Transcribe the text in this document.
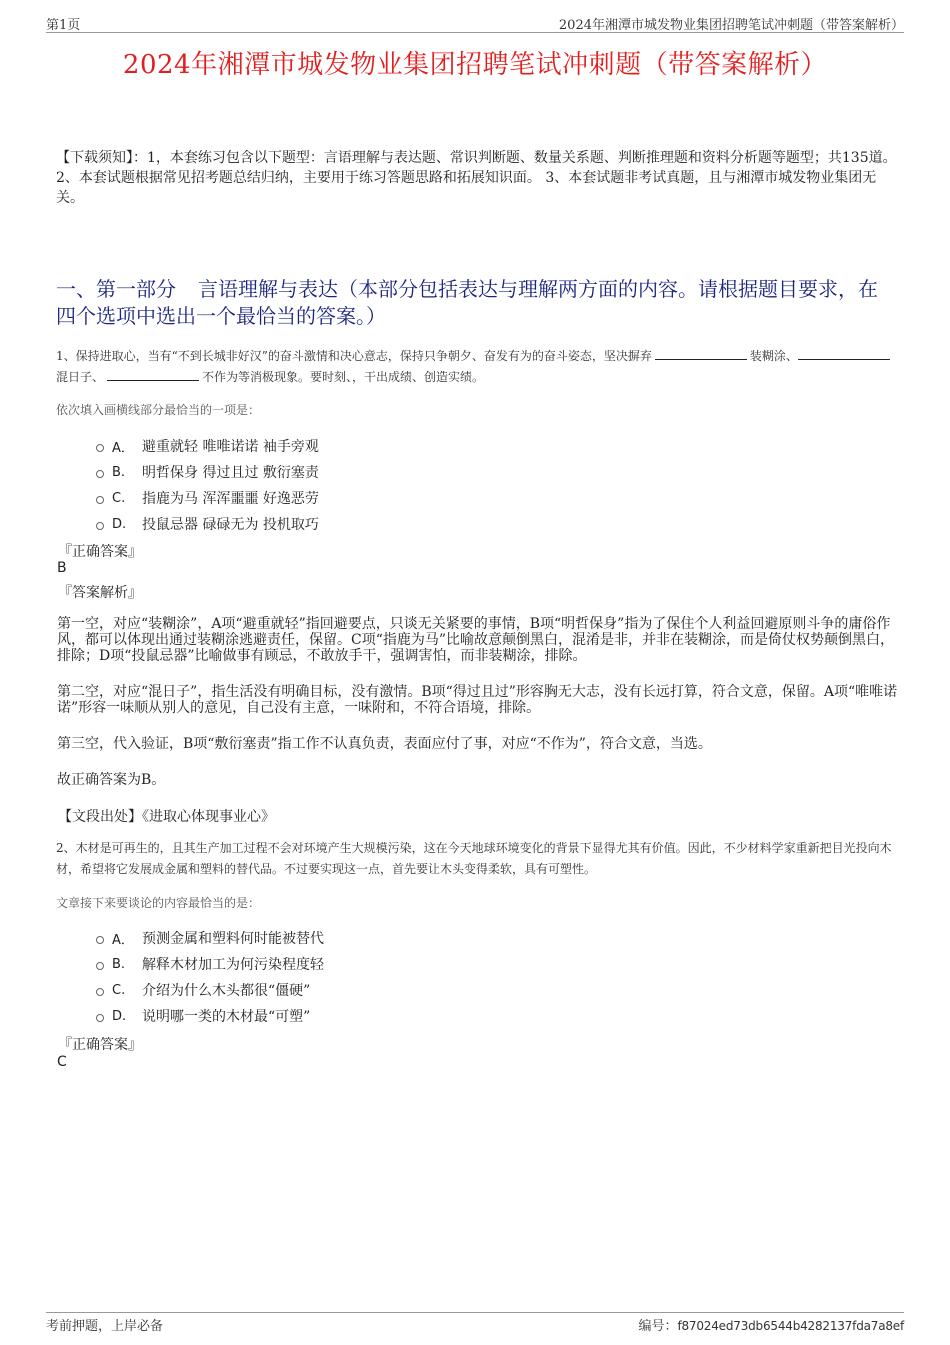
第1页	2024年湘潭市城发物业集团招聘笔试冲刺题（带答案解析）
2024年湘潭市城发物业集团招聘笔试冲刺题（带答案解析）
【下载须知】：1，本套练习包含以下题型：言语理解与表达题、常识判断题、数量关系题、判断推理题和资料分析题等题型；共135道。 2、本套试题根据常见招考题总结归纳，主要用于练习答题思路和拓展知识面。 3、本套试题非考试真题，且与湘潭市城发物业集团无关。
一、第一部分 言语理解与表达（本部分包括表达与理解两方面的内容。请根据题目要求，在四个选项中选出一个最恰当的答案。）
1、保持进取心，当有“不到长城非好汉”的奋斗激情和决心意志，保持只争朝夕、奋发有为的奋斗姿态，坚决摒弃	装糊涂、混日子、	不作为等消极现象。要时刻、，干出成绩、创造实绩。
依次填入画横线部分最恰当的一项是：
A． 避重就轻 唯唯诺诺 袖手旁观
B.	明哲保身 得过且过 敷衍塞责
C.	指鹿为马 浑浑噩噩 好逸恶劳
D.	投鼠忌器 碌碌无为 投机取巧
『正确答案』
B
『答案解析』

第一空，对应“装糊涂”，A项“避重就轻”指回避要点，只谈无关紧要的事情，B项“明哲保身”指为了保住个人利益回避原则斗争的庸俗作风，都可以体现出通过装糊涂逃避责任，保留。C项“指鹿为马”比喻故意颠倒黑白，混淆是非，并非在装糊涂，而是倚仗权势颠倒黑白，排除；D项“投鼠忌器”比喻做事有顾忌，不敢放手干，强调害怕，而非装糊涂，排除。

第二空，对应“混日子”，指生活没有明确目标，没有激情。B项“得过且过”形容胸无大志，没有长远打算，符合文意，保留。A项“唯唯诺诺”形容一味顺从别人的意见，自己没有主意，一味附和，不符合语境，排除。

第三空，代入验证，B项“敷衍塞责”指工作不认真负责，表面应付了事，对应“不作为”，符合文意，当选。

故正确答案为B。

【文段出处】《进取心体现事业心》
2、木材是可再生的，且其生产加工过程不会对环境产生大规模污染，这在今天地球环境变化的背景下显得尤其有价值。因此，不少材料学家重新把目光投向木材，希望将它发展成金属和塑料的替代品。不过要实现这一点，首先要让木头变得柔软，具有可塑性。
文章接下来要谈论的内容最恰当的是：
A． 预测金属和塑料何时能被替代
B.	解释木材加工为何污染程度轻
C.	介绍为什么木头都很“僵硬”
D.	说明哪一类的木材最“可塑”
『正确答案』
C
考前押题，上岸必备	编号：f87024ed73db6544b4282137fda7a8ef
